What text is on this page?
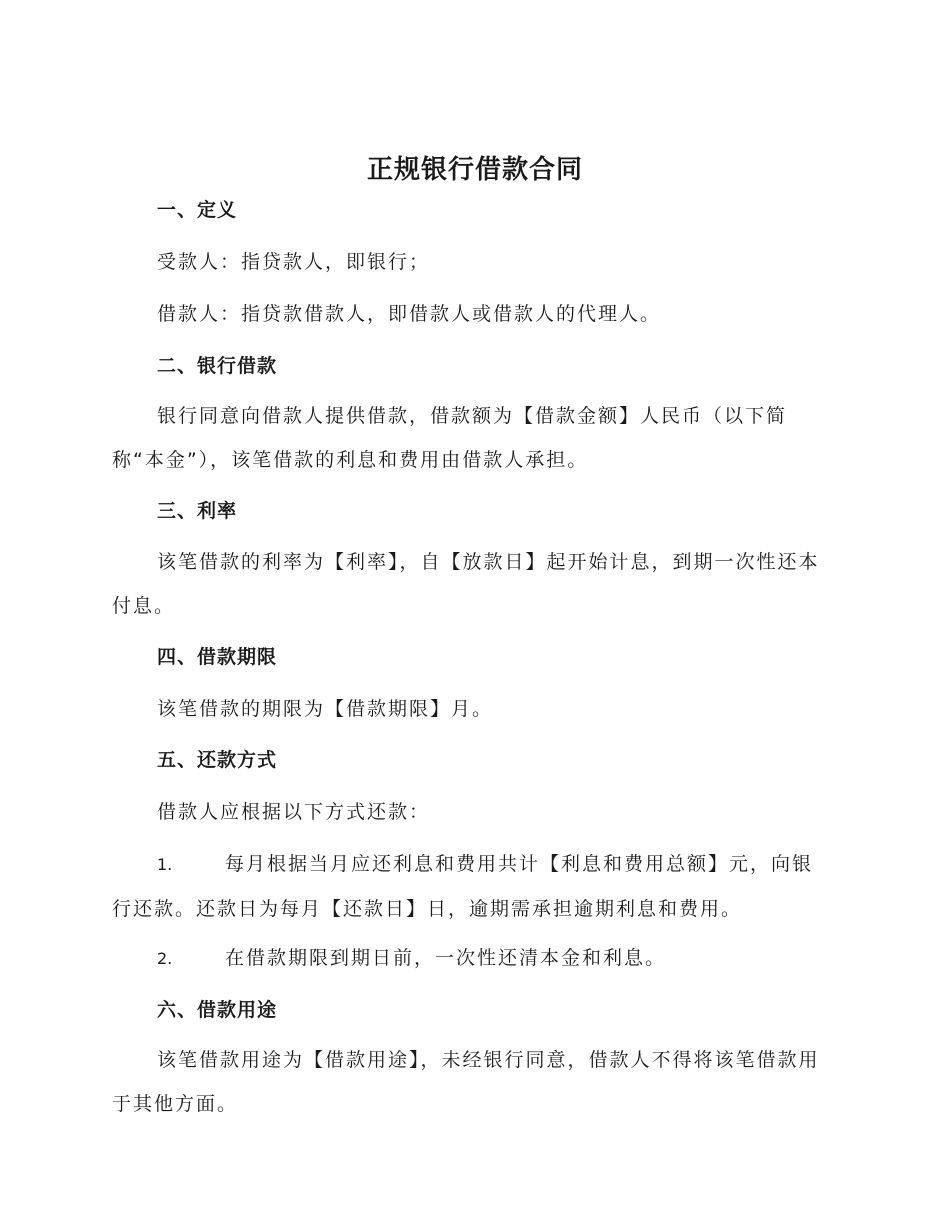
正规银行借款合同
一、定义
受款人：指贷款人，即银行；
借款人：指贷款借款人，即借款人或借款人的代理人。
二、银行借款

银行同意向借款人提供借款，借款额为【借款金额】人民币（以下简称“本金”），该笔借款的利息和费用由借款人承担。

三、利率

该笔借款的利率为【利率】，自【放款日】起开始计息，到期一次性还本付息。

四、借款期限
该笔借款的期限为【借款期限】月。
五、还款方式
借款人应根据以下方式还款：

1.	每月根据当月应还利息和费用共计【利息和费用总额】元，向银行还款。还款日为每月【还款日】日，逾期需承担逾期利息和费用。

2.	在借款期限到期日前，一次性还清本金和利息。

六、借款用途

该笔借款用途为【借款用途】，未经银行同意，借款人不得将该笔借款用于其他方面。
